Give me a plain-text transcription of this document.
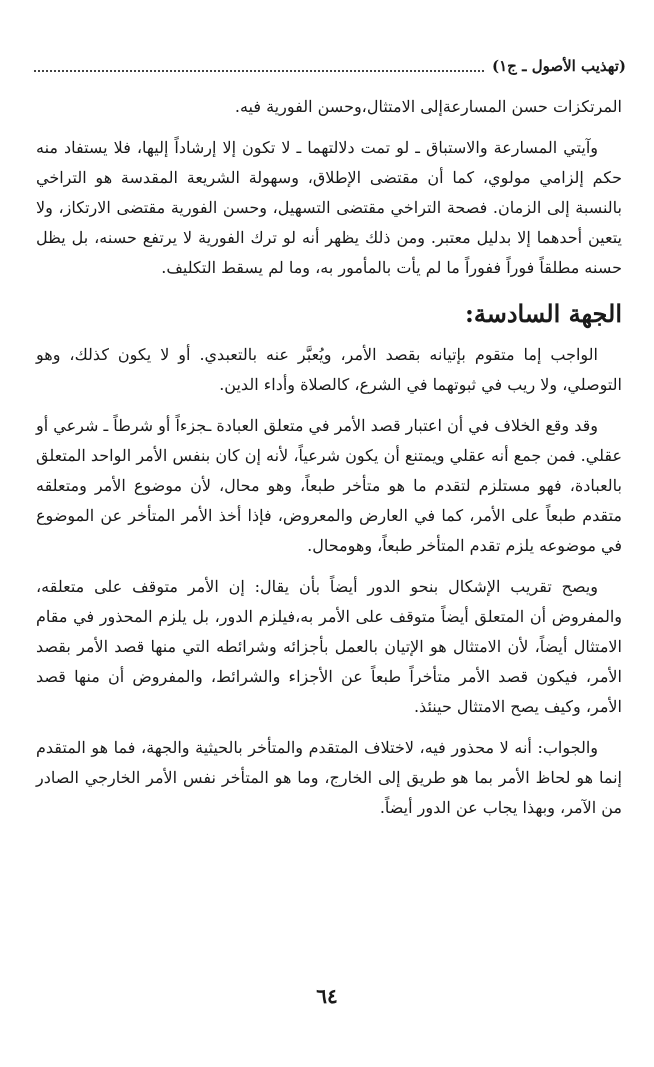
(تهذيب الأصول ـ ج١)

المرتكزات حسن المسارعةإلى الامتثال،وحسن الفورية فيه.

وآيتي المسارعة والاستباق ـ لو تمت دلالتهما ـ لا تكون إلا إرشاداً إليها، فلا يستفاد منه حكم إلزامي مولوي، كما أن مقتضى الإطلاق، وسهولة الشريعة المقدسة هو التراخي بالنسبة إلى الزمان. فصحة التراخي مقتضى التسهيل، وحسن الفورية مقتضى الارتكاز، ولا يتعين أحدهما إلا بدليل معتبر. ومن ذلك يظهر أنه لو ترك الفورية لا يرتفع حسنه، بل يظل حسنه مطلقاً فوراً ففوراً ما لم يأت بالمأمور به، وما لم يسقط التكليف.

الجهة السادسة:

الواجب إما متقوم بإتيانه بقصد الأمر، ويُعبَّر عنه بالتعبدي. أو لا يكون كذلك، وهو التوصلي، ولا ريب في ثبوتهما في الشرع، كالصلاة وأداء الدين.

وقد وقع الخلاف في أن اعتبار قصد الأمر في متعلق العبادة ـجزءاً أو شرطاً ـ شرعي أو عقلي. فمن جمع أنه عقلي ويمتنع أن يكون شرعياً، لأنه إن كان بنفس الأمر الواحد المتعلق بالعبادة، فهو مستلزم لتقدم ما هو متأخر طبعاً، وهو محال، لأن موضوع الأمر ومتعلقه متقدم طبعاً على الأمر، كما في العارض والمعروض، فإذا أخذ الأمر المتأخر عن الموضوع في موضوعه يلزم تقدم المتأخر طبعاً، وهومحال.

ويصح تقريب الإشكال بنحو الدور أيضاً بأن يقال: إن الأمر متوقف على متعلقه، والمفروض أن المتعلق أيضاً متوقف على الأمر به،فيلزم الدور، بل يلزم المحذور في مقام الامتثال أيضاً، لأن الامتثال هو الإتيان بالعمل بأجزائه وشرائطه التي منها قصد الأمر بقصد الأمر، فيكون قصد الأمر متأخراً طبعاً عن الأجزاء والشرائط، والمفروض أن منها قصد الأمر، وكيف يصح الامتثال حينئذ.

والجواب: أنه لا محذور فيه، لاختلاف المتقدم والمتأخر بالحيثية والجهة، فما هو المتقدم إنما هو لحاظ الأمر بما هو طريق إلى الخارج، وما هو المتأخر نفس الأمر الخارجي الصادر من الآمر، وبهذا يجاب عن الدور أيضاً.

٦٤
